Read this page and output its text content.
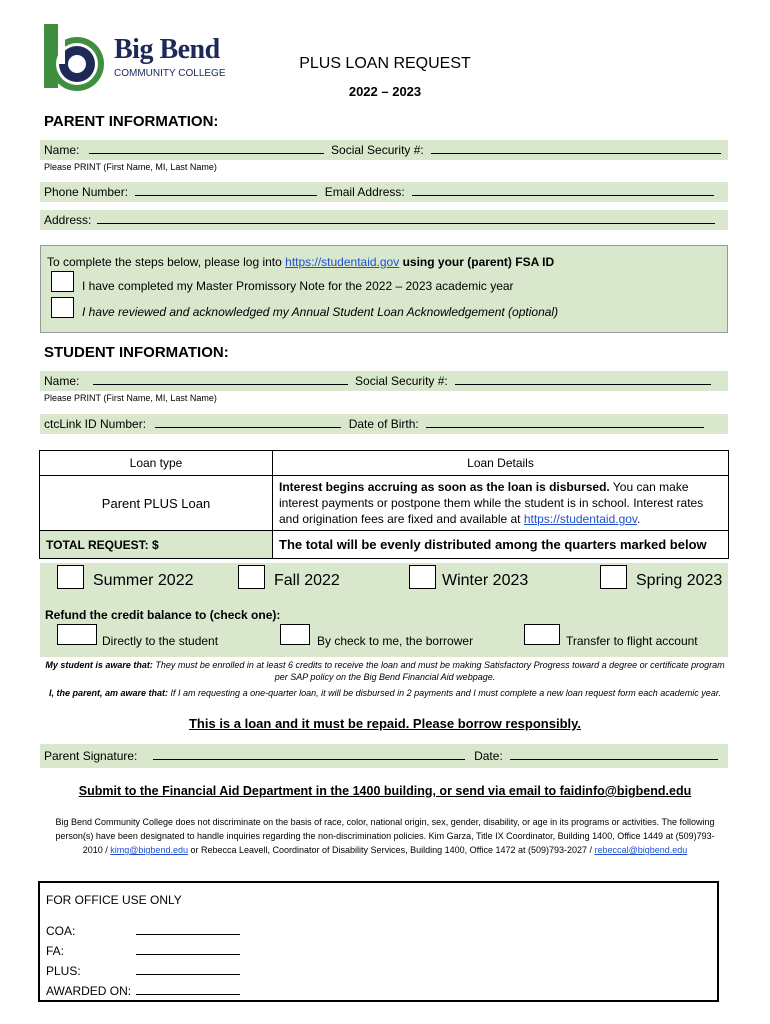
Big Bend
COMMUNITY COLLEGE
PLUS LOAN REQUEST
2022 – 2023
PARENT INFORMATION:
Name:	Social Security #:
Please PRINT (First Name, MI, Last Name)
Phone Number:	Email Address:
Address:
To complete the steps below, please log into https://studentaid.gov using your (parent) FSA ID
I have completed my Master Promissory Note for the 2022 – 2023 academic year
I have reviewed and acknowledged my Annual Student Loan Acknowledgement (optional)
STUDENT INFORMATION:
Name:	Social Security #:
Please PRINT (First Name, MI, Last Name)
ctcLink ID Number:	Date of Birth:
Loan type	Loan Details
Parent PLUS Loan	Interest begins accruing as soon as the loan is disbursed. You can make interest payments or postpone them while the student is in school. Interest rates and origination fees are fixed and available at https://studentaid.gov.
TOTAL REQUEST: $	The total will be evenly distributed among the quarters marked below
Summer 2022	Fall 2022	Winter 2023	Spring 2023
Refund the credit balance to (check one):
Directly to the student	By check to me, the borrower	Transfer to flight account
My student is aware that: They must be enrolled in at least 6 credits to receive the loan and must be making Satisfactory Progress toward a degree or certificate program per SAP policy on the Big Bend Financial Aid webpage.
I, the parent, am aware that: If I am requesting a one-quarter loan, it will be disbursed in 2 payments and I must complete a new loan request form each academic year.
This is a loan and it must be repaid. Please borrow responsibly.
Parent Signature:	Date:
Submit to the Financial Aid Department in the 1400 building, or send via email to faidinfo@bigbend.edu
Big Bend Community College does not discriminate on the basis of race, color, national origin, sex, gender, disability, or age in its programs or activities. The following person(s) have been designated to handle inquiries regarding the non-discrimination policies. Kim Garza, Title IX Coordinator, Building 1400, Office 1449 at (509)793-2010 / kimg@bigbend.edu or Rebecca Leavell, Coordinator of Disability Services, Building 1400, Office 1472 at (509)793-2027 / rebeccal@bigbend.edu
FOR OFFICE USE ONLY
COA:
FA:
PLUS:
AWARDED ON:
